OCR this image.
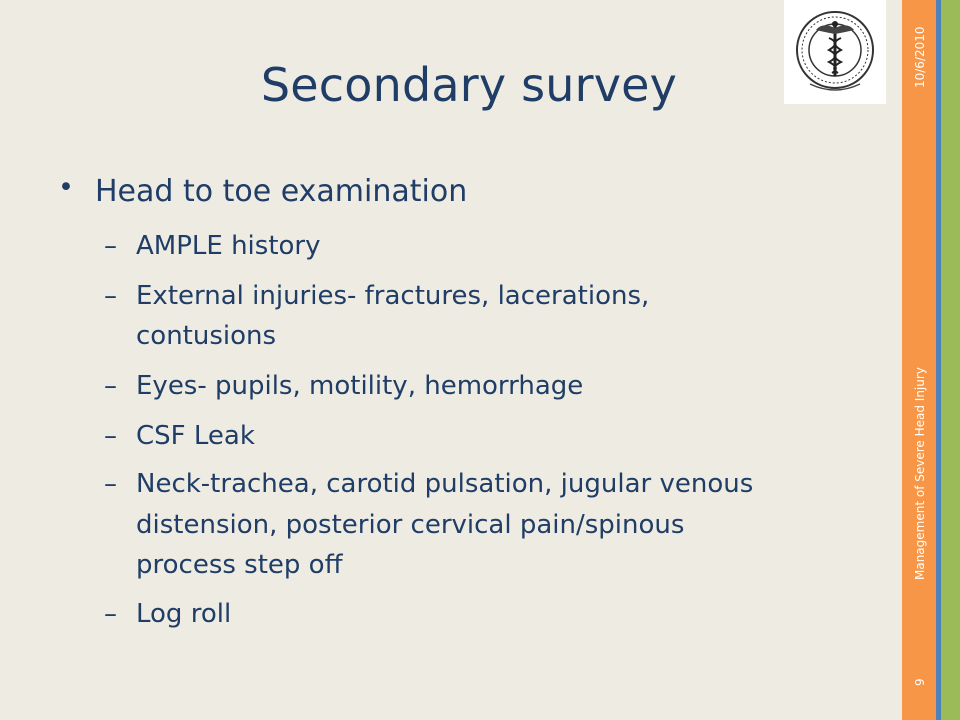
Secondary survey	10/6/2010
Management of Severe Head Injury
9
• Head to toe examination
– AMPLE history
– External injuries- fractures, lacerations,
contusions
– Eyes- pupils, motility, hemorrhage
– CSF Leak
– Neck-trachea, carotid pulsation, jugular venous
distension, posterior cervical pain/spinous
process step off
– Log roll
